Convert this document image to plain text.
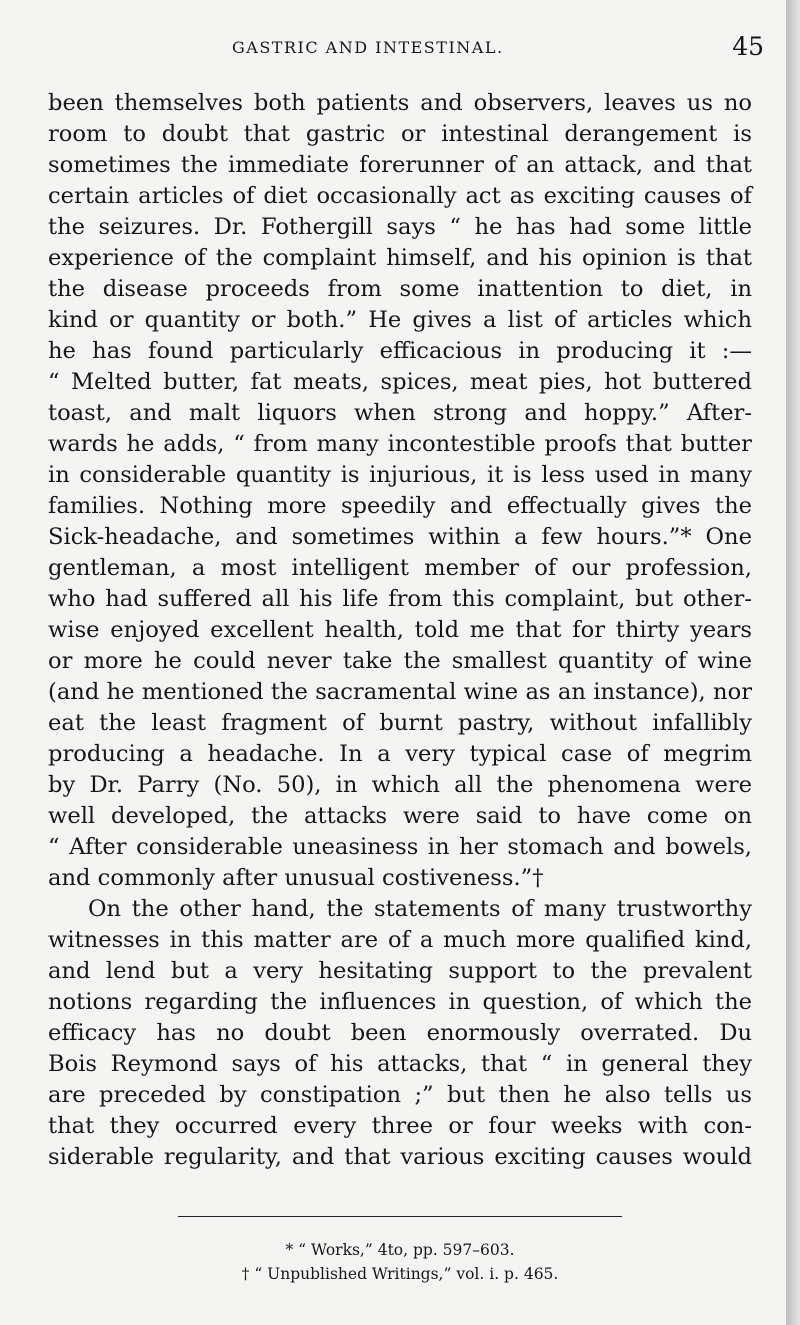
GASTRIC AND INTESTINAL.	45
been themselves both patients and observers, leaves us no
room to doubt that gastric or intestinal derangement is
sometimes the immediate forerunner of an attack, and that
certain articles of diet occasionally act as exciting causes of
the seizures. Dr. Fothergill says “ he has had some little
experience of the complaint himself, and his opinion is that
the disease proceeds from some inattention to diet, in
kind or quantity or both.” He gives a list of articles which
he has found particularly efficacious in producing it :—
“ Melted butter, fat meats, spices, meat pies, hot buttered
toast, and malt liquors when strong and hoppy.” After-
wards he adds, “ from many incontestible proofs that butter
in considerable quantity is injurious, it is less used in many
families. Nothing more speedily and effectually gives the
Sick-headache, and sometimes within a few hours.”* One
gentleman, a most intelligent member of our profession,
who had suffered all his life from this complaint, but other-
wise enjoyed excellent health, told me that for thirty years
or more he could never take the smallest quantity of wine
(and he mentioned the sacramental wine as an instance), nor
eat the least fragment of burnt pastry, without infallibly
producing a headache. In a very typical case of megrim
by Dr. Parry (No. 50), in which all the phenomena were
well developed, the attacks were said to have come on
“ After considerable uneasiness in her stomach and bowels,
and commonly after unusual costiveness.”†
On the other hand, the statements of many trustworthy
witnesses in this matter are of a much more qualified kind,
and lend but a very hesitating support to the prevalent
notions regarding the influences in question, of which the
efficacy has no doubt been enormously overrated. Du
Bois Reymond says of his attacks, that “ in general they
are preceded by constipation ;” but then he also tells us
that they occurred every three or four weeks with con-
siderable regularity, and that various exciting causes would
* “ Works,” 4to, pp. 597–603.
† “ Unpublished Writings,” vol. i. p. 465.
